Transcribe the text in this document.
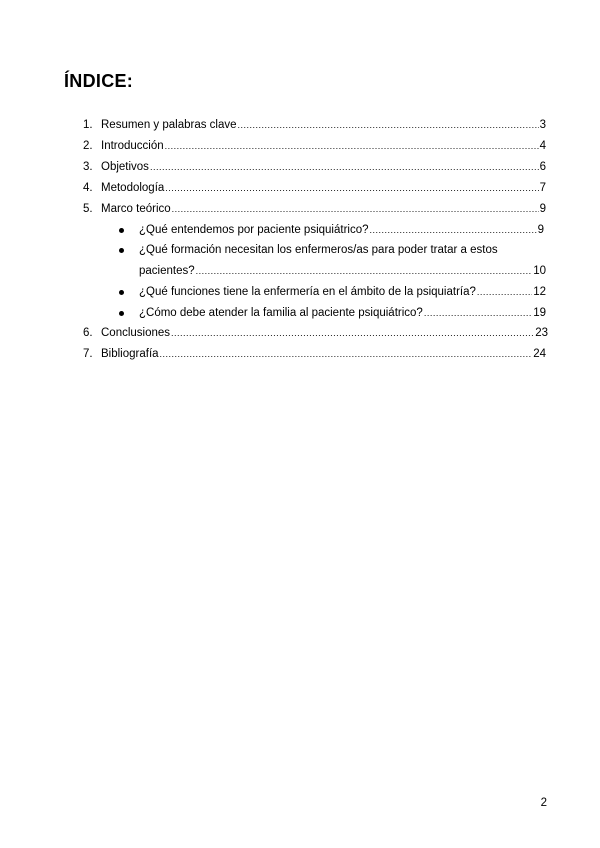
ÍNDICE:
1. Resumen y palabras clave .....	3
2. Introducción .....	4
3. Objetivos .....	6
4. Metodología .....	7
5. Marco teórico .....	9
¿Qué entendemos por paciente psiquiátrico? .....	9
¿Qué formación necesitan los enfermeros/as para poder tratar a estos
pacientes? .....	10
¿Qué funciones tiene la enfermería en el ámbito de la psiquiatría? .....	12
¿Cómo debe atender la familia al paciente psiquiátrico? .....	19
6. Conclusiones .....	23
7. Bibliografía .....	24
2
